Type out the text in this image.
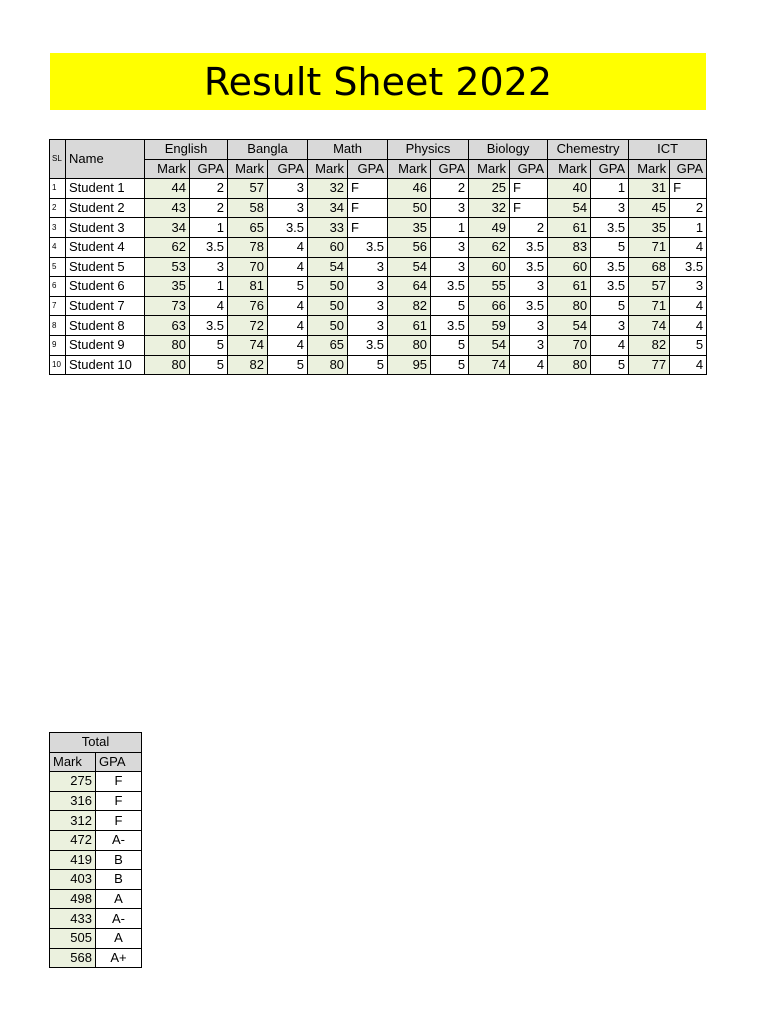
Result Sheet 2022
SL	Name	English		Bangla		Math		Physics		Biology		Chemestry		ICT	
		Mark	GPA	Mark	GPA	Mark	GPA	Mark	GPA	Mark	GPA	Mark	GPA	Mark	GPA
1	Student 1	44	2	57	3	32	F	46	2	25	F	40	1	31	F
2	Student 2	43	2	58	3	34	F	50	3	32	F	54	3	45	2
3	Student 3	34	1	65	3.5	33	F	35	1	49	2	61	3.5	35	1
4	Student 4	62	3.5	78	4	60	3.5	56	3	62	3.5	83	5	71	4
5	Student 5	53	3	70	4	54	3	54	3	60	3.5	60	3.5	68	3.5
6	Student 6	35	1	81	5	50	3	64	3.5	55	3	61	3.5	57	3
7	Student 7	73	4	76	4	50	3	82	5	66	3.5	80	5	71	4
8	Student 8	63	3.5	72	4	50	3	61	3.5	59	3	54	3	74	4
9	Student 9	80	5	74	4	65	3.5	80	5	54	3	70	4	82	5
10	Student 10	80	5	82	5	80	5	95	5	74	4	80	5	77	4
Total	
Mark	GPA
275	F
316	F
312	F
472	A-
419	B
403	B
498	A
433	A-
505	A
568	A+
